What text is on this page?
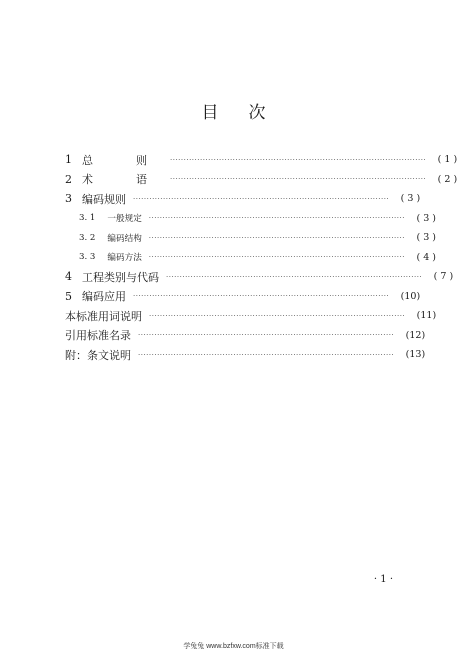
目 次
1 总　则 ······························································································	( 1 )
2 术　语 ······························································································	( 2 )
3 编码规则 ······························································································	( 3 )
3. 1 一般规定 ······························································································	( 3 )
3. 2 编码结构 ······························································································	( 3 )
3. 3 编码方法 ······························································································	( 4 )
4 工程类别与代码 ······························································································	( 7 )
5 编码应用 ······························································································	(10)
本标准用词说明 ······························································································	(11)
引用标准名录 ······························································································	(12)
附：条文说明 ······························································································	(13)
· 1 ·
学兔兔 www.bzfxw.com标准下载
